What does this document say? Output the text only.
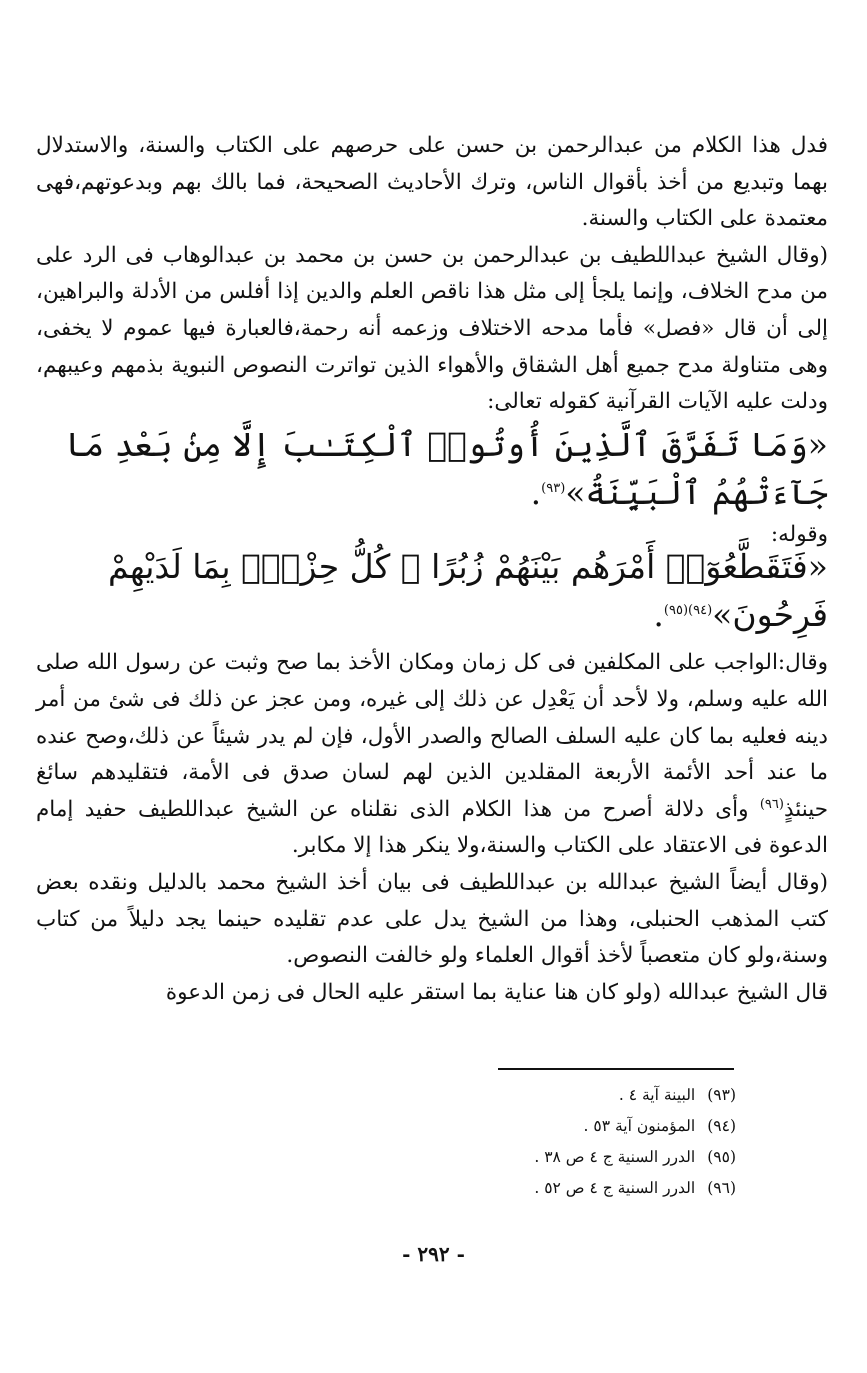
فدل هذا الكلام من عبدالرحمن بن حسن على حرصهم على الكتاب والسنة، والاستدلال بهما وتبديع من أخذ بأقوال الناس، وترك الأحاديث الصحيحة، فما بالك بهم وبدعوتهم،فهى معتمدة على الكتاب والسنة.

(وقال الشيخ عبداللطيف بن عبدالرحمن بن حسن بن محمد بن عبدالوهاب فى الرد على من مدح الخلاف، وإنما يلجأ إلى مثل هذا ناقص العلم والدين إذا أفلس من الأدلة والبراهين، إلى أن قال «فصل» فأما مدحه الاختلاف وزعمه أنه رحمة،فالعبارة فيها عموم لا يخفى، وهى متناولة مدح جميع أهل الشقاق والأهواء الذين تواترت النصوص النبوية بذمهم وعيبهم، ودلت عليه الآيات القرآنية كقوله تعالى:

«وَمَا تَفَرَّقَ ٱلَّذِينَ أُوتُوا۟ ٱلْكِتَـٰبَ إِلَّا مِنۢ بَعْدِ مَا جَآءَتْهُمُ ٱلْبَيِّنَةُ»$^{(٩٣)}$.

وقوله:

«فَتَقَطَّعُوٓا۟ أَمْرَهُم بَيْنَهُمْ زُبُرًا ۖ كُلُّ حِزْبٍۭ بِمَا لَدَيْهِمْ فَرِحُونَ»$^{(٩٤)(٩٥)}$.

وقال:الواجب على المكلفين فى كل زمان ومكان الأخذ بما صح وثبت عن رسول الله صلى الله عليه وسلم، ولا لأحد أن يَعْدِل عن ذلك إلى غيره، ومن عجز عن ذلك فى شئ من أمر دينه فعليه بما كان عليه السلف الصالح والصدر الأول، فإن لم يدر شيئاً عن ذلك،وصح عنده ما عند أحد الأئمة الأربعة المقلدين الذين لهم لسان صدق فى الأمة، فتقليدهم سائغ حينئذٍ$^{(٩٦)}$ وأى دلالة أصرح من هذا الكلام الذى نقلناه عن الشيخ عبداللطيف حفيد إمام الدعوة فى الاعتقاد على الكتاب والسنة،ولا ينكر هذا إلا مكابر.

(وقال أيضاً الشيخ عبدالله بن عبداللطيف فى بيان أخذ الشيخ محمد بالدليل ونقده بعض كتب المذهب الحنبلى، وهذا من الشيخ يدل على عدم تقليده حينما يجد دليلاً من كتاب وسنة،ولو كان متعصباً لأخذ أقوال العلماء ولو خالفت النصوص.

قال الشيخ عبدالله (ولو كان هنا عناية بما استقر عليه الحال فى زمن الدعوة

(٩٣)البينة آية ٤ .
(٩٤)المؤمنون آية ٥٣ .
(٩٥)الدرر السنية ج ٤ ص ٣٨ .
(٩٦)الدرر السنية ج ٤ ص ٥٢ .
- ٢٩٢ -
